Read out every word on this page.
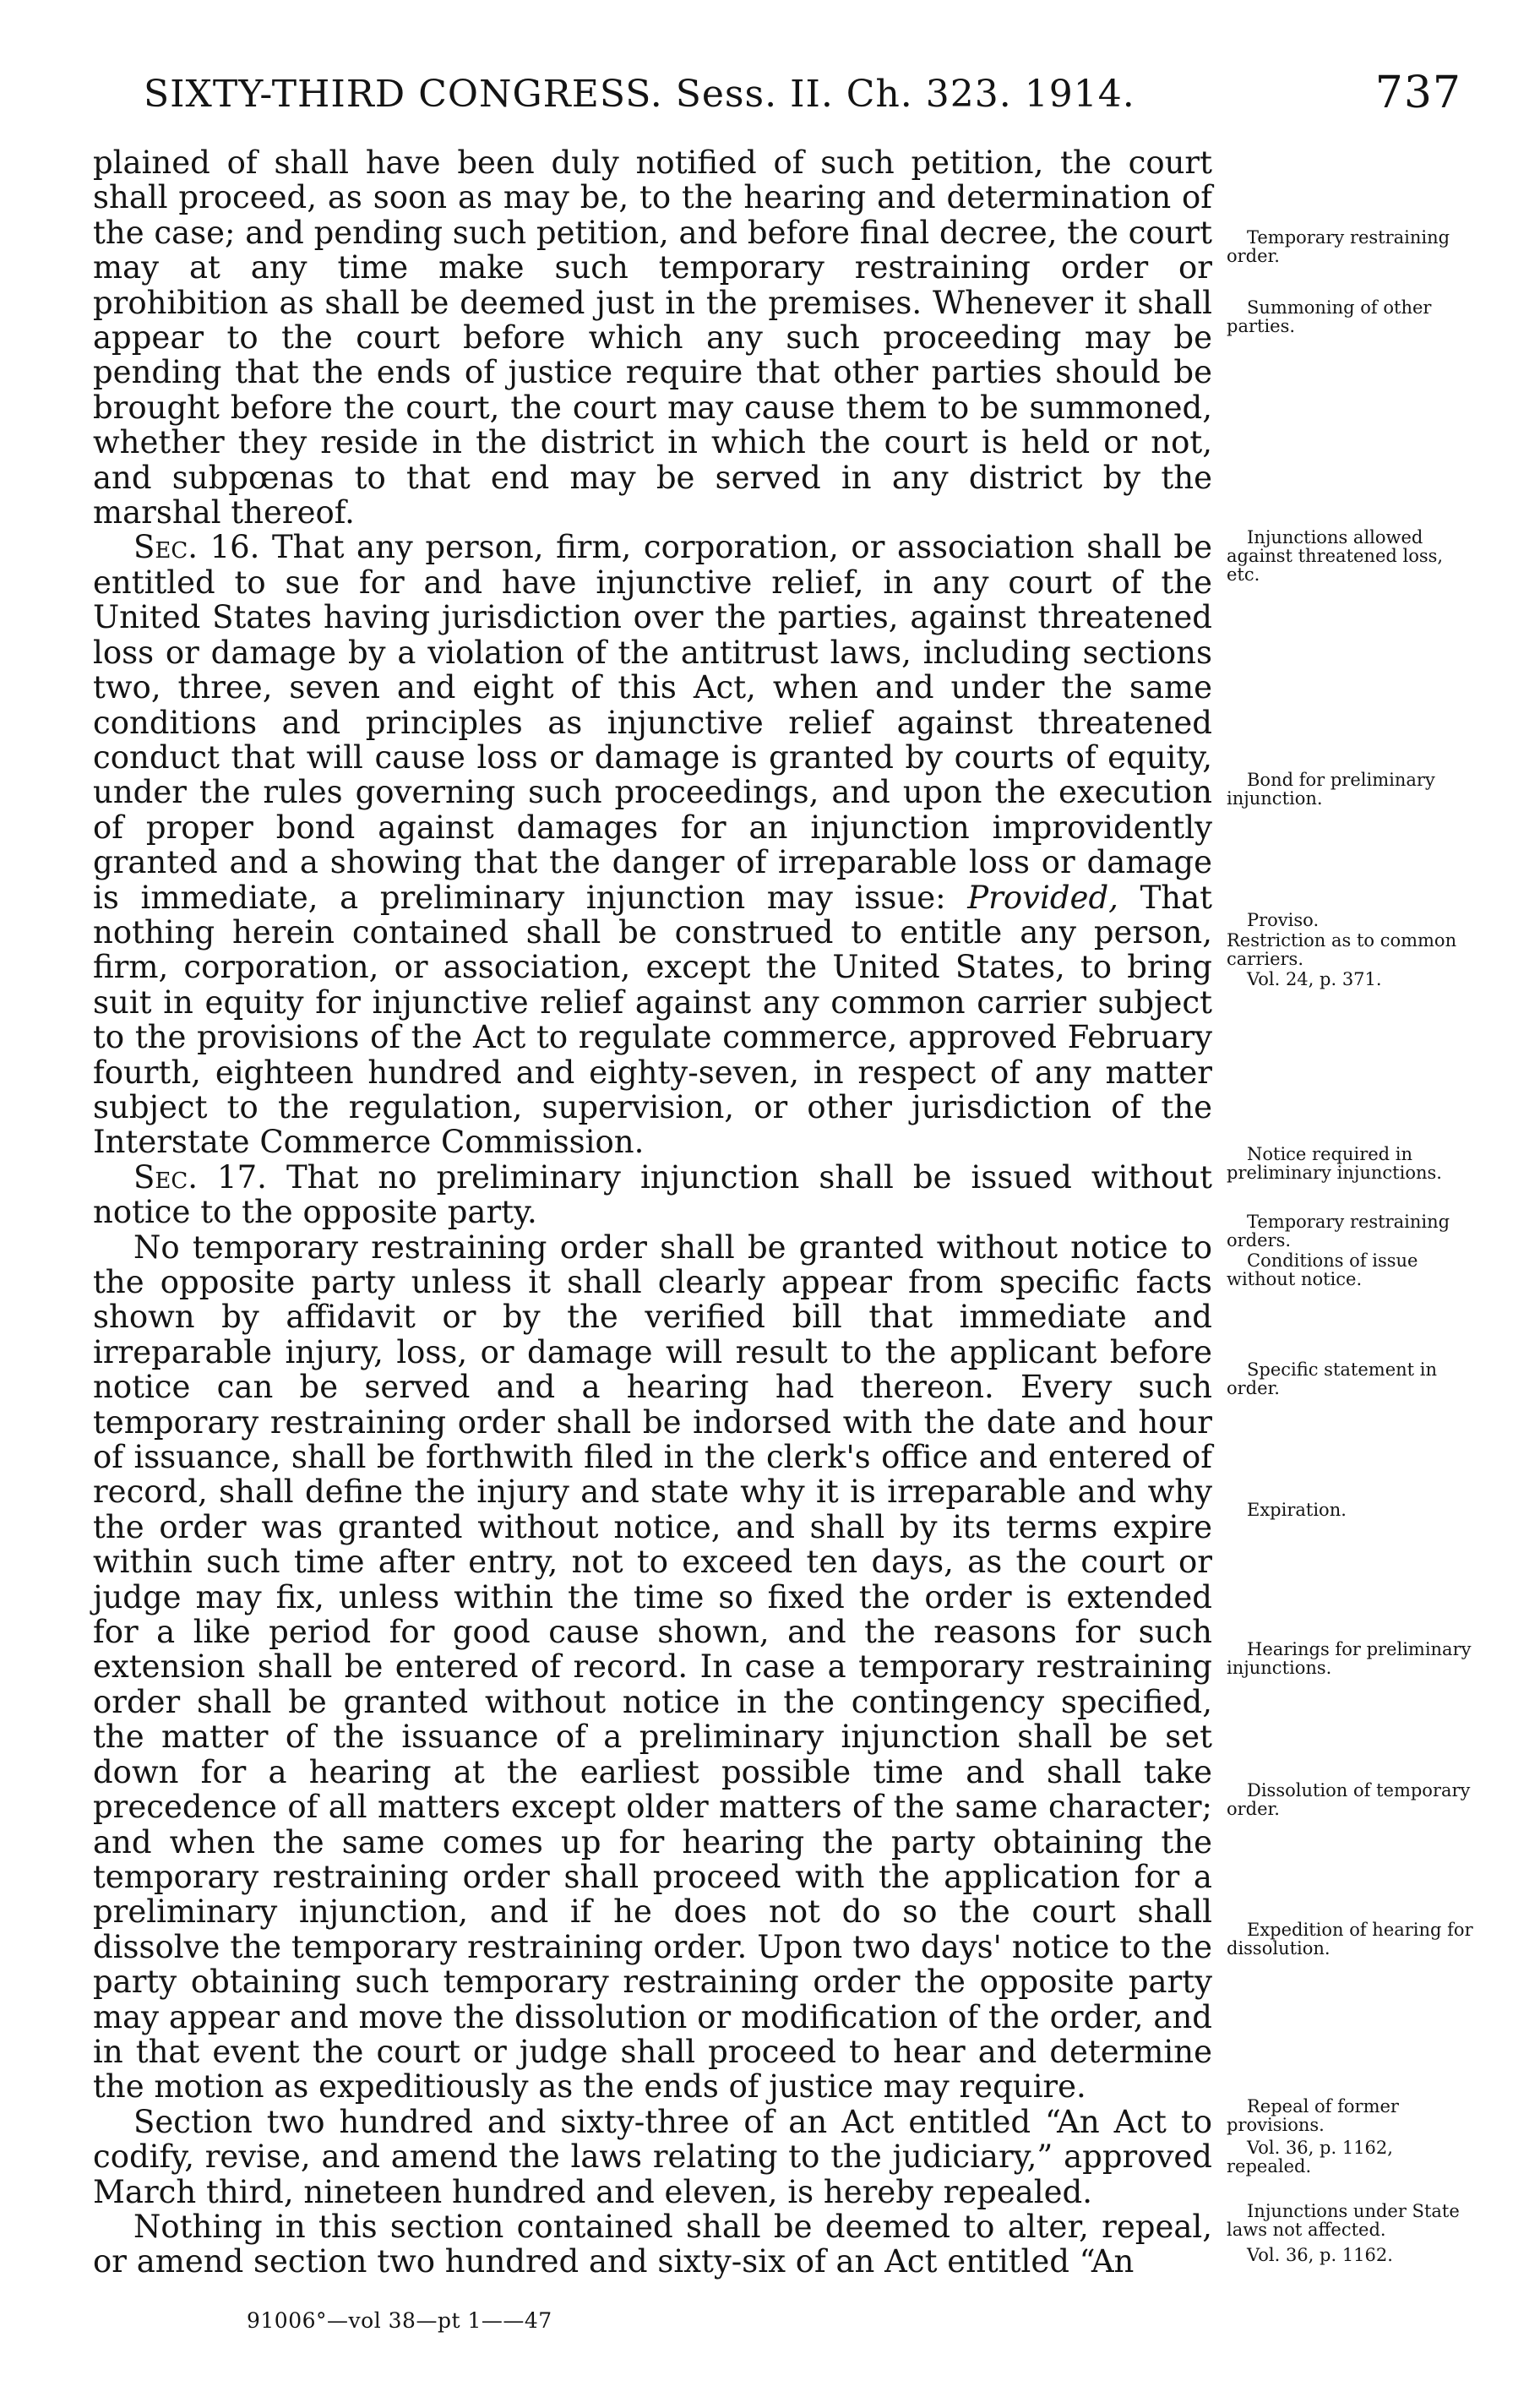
SIXTY-THIRD CONGRESS. Sess. II. Ch. 323. 1914.	737

plained of shall have been duly notified of such petition, the court shall proceed, as soon as may be, to the hearing and determination of the case; and pending such petition, and before final decree, the court may at any time make such temporary restraining order or prohibition as shall be deemed just in the premises. Whenever it shall appear to the court before which any such proceeding may be pending that the ends of justice require that other parties should be brought before the court, the court may cause them to be summoned, whether they reside in the district in which the court is held or not, and subpœnas to that end may be served in any district by the marshal thereof.

Sec. 16. That any person, firm, corporation, or association shall be entitled to sue for and have injunctive relief, in any court of the United States having jurisdiction over the parties, against threatened loss or damage by a violation of the antitrust laws, including sections two, three, seven and eight of this Act, when and under the same conditions and principles as injunctive relief against threatened conduct that will cause loss or damage is granted by courts of equity, under the rules governing such proceedings, and upon the execution of proper bond against damages for an injunction improvidently granted and a showing that the danger of irreparable loss or damage is immediate, a preliminary injunction may issue: Provided, That nothing herein contained shall be construed to entitle any person, firm, corporation, or association, except the United States, to bring suit in equity for injunctive relief against any common carrier subject to the provisions of the Act to regulate commerce, approved February fourth, eighteen hundred and eighty-seven, in respect of any matter subject to the regulation, supervision, or other jurisdiction of the Interstate Commerce Commission.

Sec. 17. That no preliminary injunction shall be issued without notice to the opposite party.

No temporary restraining order shall be granted without notice to the opposite party unless it shall clearly appear from specific facts shown by affidavit or by the verified bill that immediate and irreparable injury, loss, or damage will result to the applicant before notice can be served and a hearing had thereon. Every such temporary restraining order shall be indorsed with the date and hour of issuance, shall be forthwith filed in the clerk's office and entered of record, shall define the injury and state why it is irreparable and why the order was granted without notice, and shall by its terms expire within such time after entry, not to exceed ten days, as the court or judge may fix, unless within the time so fixed the order is extended for a like period for good cause shown, and the reasons for such extension shall be entered of record. In case a temporary restraining order shall be granted without notice in the contingency specified, the matter of the issuance of a preliminary injunction shall be set down for a hearing at the earliest possible time and shall take precedence of all matters except older matters of the same character; and when the same comes up for hearing the party obtaining the temporary restraining order shall proceed with the application for a preliminary injunction, and if he does not do so the court shall dissolve the temporary restraining order. Upon two days' notice to the party obtaining such temporary restraining order the opposite party may appear and move the dissolution or modification of the order, and in that event the court or judge shall proceed to hear and determine the motion as expeditiously as the ends of justice may require.

Section two hundred and sixty-three of an Act entitled “An Act to codify, revise, and amend the laws relating to the judiciary,” approved March third, nineteen hundred and eleven, is hereby repealed.

Nothing in this section contained shall be deemed to alter, repeal, or amend section two hundred and sixty-six of an Act entitled “An

Temporary restraining order.
Summoning of other parties.
Injunctions allowed against threatened loss, etc.
Bond for preliminary injunction.
Proviso.
Restriction as to common carriers.
Vol. 24, p. 371.
Notice required in preliminary injunctions.
Temporary restraining orders.
Conditions of issue without notice.
Specific statement in order.
Expiration.
Hearings for preliminary injunctions.
Dissolution of temporary order.
Expedition of hearing for dissolution.
Repeal of former provisions.
Vol. 36, p. 1162, repealed.
Injunctions under State laws not affected.
Vol. 36, p. 1162.
91006°—vol 38—pt 1——47
